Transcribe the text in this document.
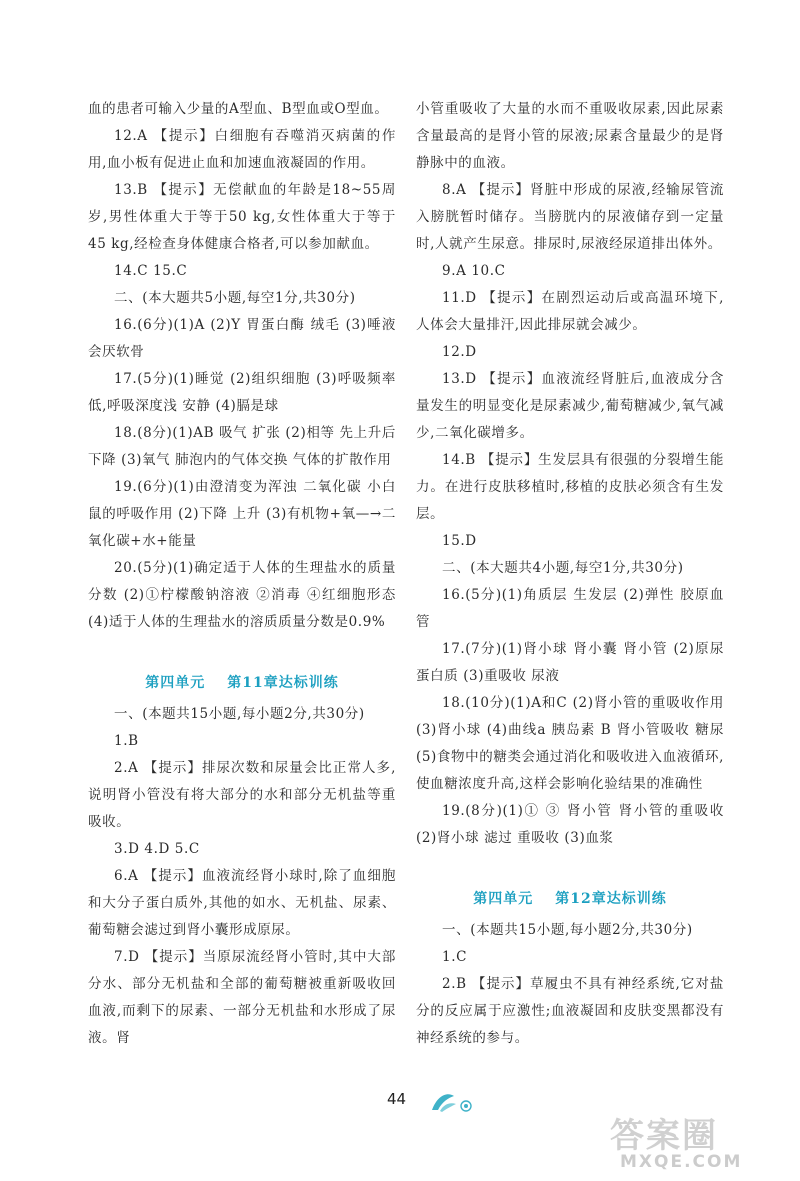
血的患者可输入少量的A型血、B型血或O型血。

12.A 【提示】白细胞有吞噬消灭病菌的作用,血小板有促进止血和加速血液凝固的作用。

13.B 【提示】无偿献血的年龄是18~55周岁,男性体重大于等于50 kg,女性体重大于等于45 kg,经检查身体健康合格者,可以参加献血。

14.C 15.C

二、(本大题共5小题,每空1分,共30分)

16.(6分)(1)A (2)Y 胃蛋白酶 绒毛 (3)唾液 会厌软骨

17.(5分)(1)睡觉 (2)组织细胞 (3)呼吸频率低,呼吸深度浅 安静 (4)膈是球

18.(8分)(1)AB 吸气 扩张 (2)相等 先上升后下降 (3)氧气 肺泡内的气体交换 气体的扩散作用

19.(6分)(1)由澄清变为浑浊 二氧化碳 小白鼠的呼吸作用 (2)下降 上升 (3)有机物+氧—→二氧化碳+水+能量

20.(5分)(1)确定适于人体的生理盐水的质量分数 (2)①柠檬酸钠溶液 ②消毒 ④红细胞形态 (4)适于人体的生理盐水的溶质质量分数是0.9%

第四单元 第11章达标训练

一、(本题共15小题,每小题2分,共30分)

1.B

2.A 【提示】排尿次数和尿量会比正常人多,说明肾小管没有将大部分的水和部分无机盐等重吸收。

3.D 4.D 5.C

6.A 【提示】血液流经肾小球时,除了血细胞和大分子蛋白质外,其他的如水、无机盐、尿素、葡萄糖会滤过到肾小囊形成原尿。

7.D 【提示】当原尿流经肾小管时,其中大部分水、部分无机盐和全部的葡萄糖被重新吸收回血液,而剩下的尿素、一部分无机盐和水形成了尿液。肾

小管重吸收了大量的水而不重吸收尿素,因此尿素含量最高的是肾小管的尿液;尿素含量最少的是肾静脉中的血液。

8.A 【提示】肾脏中形成的尿液,经输尿管流入膀胱暂时储存。当膀胱内的尿液储存到一定量时,人就产生尿意。排尿时,尿液经尿道排出体外。

9.A 10.C

11.D 【提示】在剧烈运动后或高温环境下,人体会大量排汗,因此排尿就会减少。

12.D

13.D 【提示】血液流经肾脏后,血液成分含量发生的明显变化是尿素减少,葡萄糖减少,氧气减少,二氧化碳增多。

14.B 【提示】生发层具有很强的分裂增生能力。在进行皮肤移植时,移植的皮肤必须含有生发层。

15.D

二、(本大题共4小题,每空1分,共30分)

16.(5分)(1)角质层 生发层 (2)弹性 胶原血管

17.(7分)(1)肾小球 肾小囊 肾小管 (2)原尿 蛋白质 (3)重吸收 尿液

18.(10分)(1)A和C (2)肾小管的重吸收作用 (3)肾小球 (4)曲线a 胰岛素 B 肾小管吸收 糖尿 (5)食物中的糖类会通过消化和吸收进入血液循环,使血糖浓度升高,这样会影响化验结果的准确性

19.(8分)(1)① ③ 肾小管 肾小管的重吸收 (2)肾小球 滤过 重吸收 (3)血浆

第四单元 第12章达标训练

一、(本题共15小题,每小题2分,共30分)

1.C

2.B 【提示】草履虫不具有神经系统,它对盐分的反应属于应激性;血液凝固和皮肤变黑都没有神经系统的参与。

44
答案圈
MXQE.COM
